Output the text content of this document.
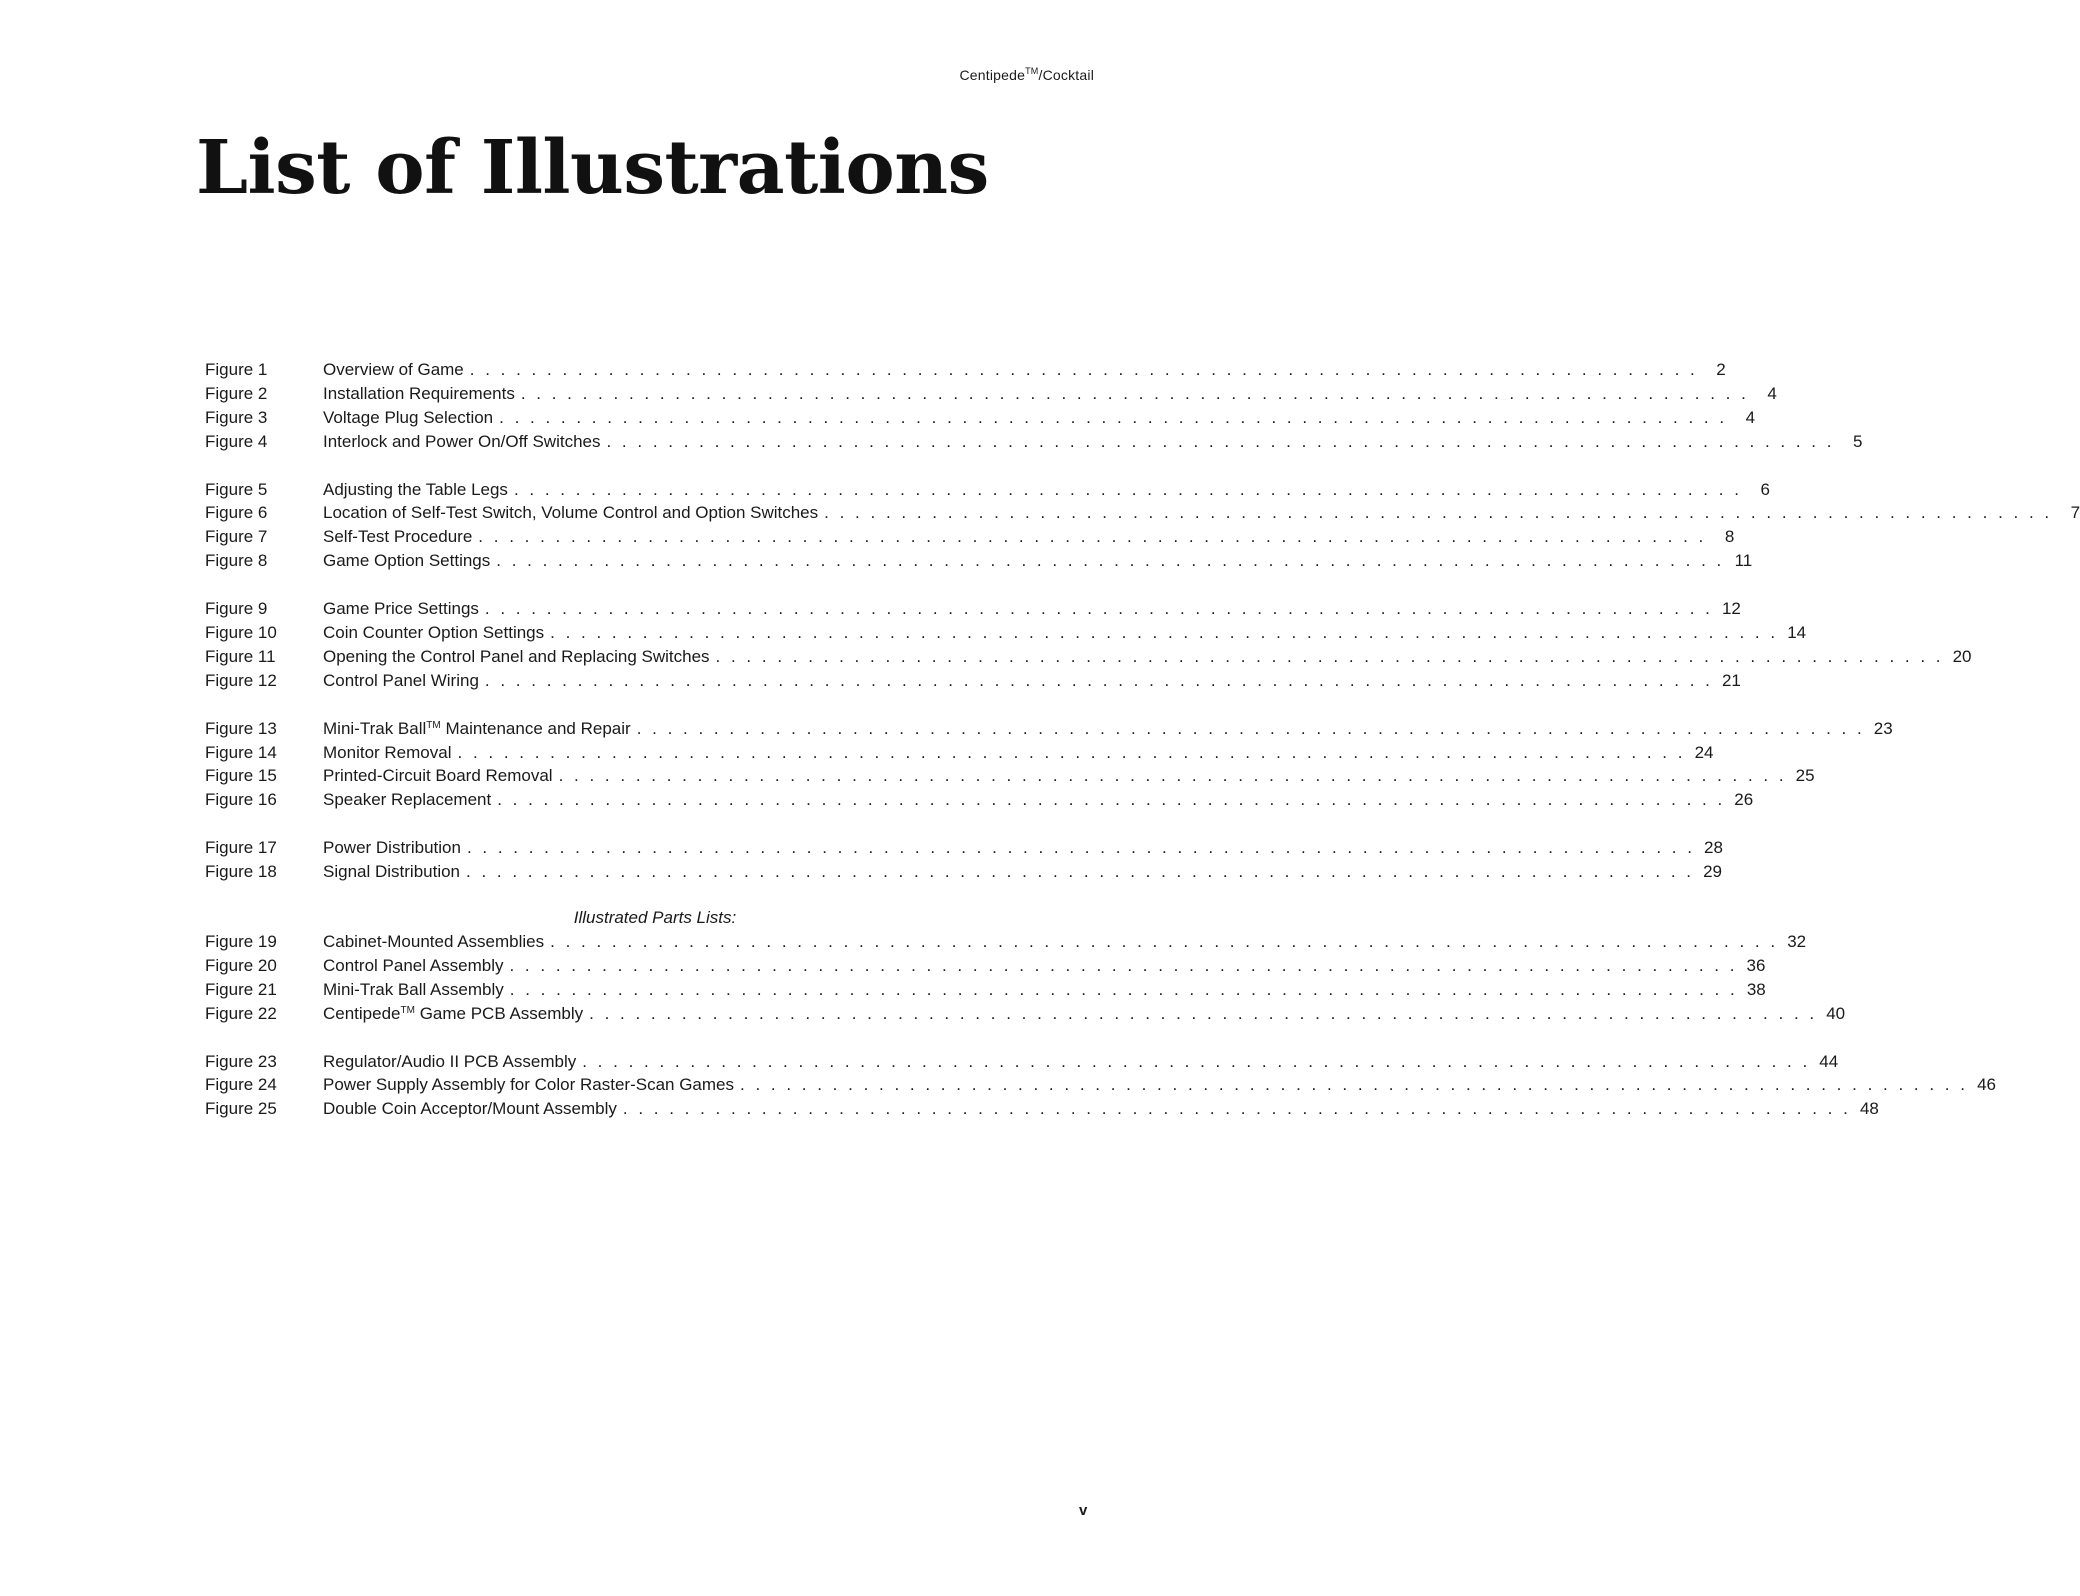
Centipede™/Cocktail
List of Illustrations
Figure 1	Overview of Game . . . . . . . . . . . . . . . . . . . . . . . . . . . . . . . . . . . . . . . . . . . . . . . . . . . . . . . . . . . . . . . . . . . . . . . . . . . . . . . .	2
Figure 2	Installation Requirements . . . . . . . . . . . . . . . . . . . . . . . . . . . . . . . . . . . . . . . . . . . . . . . . . . . . . . . . . . . . . . . . . . . . . . . . . . . . . . . .	4
Figure 3	Voltage Plug Selection . . . . . . . . . . . . . . . . . . . . . . . . . . . . . . . . . . . . . . . . . . . . . . . . . . . . . . . . . . . . . . . . . . . . . . . . . . . . . . . .	4
Figure 4	Interlock and Power On/Off Switches . . . . . . . . . . . . . . . . . . . . . . . . . . . . . . . . . . . . . . . . . . . . . . . . . . . . . . . . . . . . . . . . . . . . . . . . . . . . . . . .	5
Figure 5	Adjusting the Table Legs . . . . . . . . . . . . . . . . . . . . . . . . . . . . . . . . . . . . . . . . . . . . . . . . . . . . . . . . . . . . . . . . . . . . . . . . . . . . . . . .	6
Figure 6	Location of Self-Test Switch, Volume Control and Option Switches . . . . . . . . . . . . . . . . . . . . . . . . . . . . . . . . . . . . . . . . . . . . . . . . . . . . . . . . . . . . . . . . . . . . . . . . . . . . . . . .	7
Figure 7	Self-Test Procedure . . . . . . . . . . . . . . . . . . . . . . . . . . . . . . . . . . . . . . . . . . . . . . . . . . . . . . . . . . . . . . . . . . . . . . . . . . . . . . . .	8
Figure 8	Game Option Settings . . . . . . . . . . . . . . . . . . . . . . . . . . . . . . . . . . . . . . . . . . . . . . . . . . . . . . . . . . . . . . . . . . . . . . . . . . . . . . . . 11
Figure 9	Game Price Settings . . . . . . . . . . . . . . . . . . . . . . . . . . . . . . . . . . . . . . . . . . . . . . . . . . . . . . . . . . . . . . . . . . . . . . . . . . . . . . . . 12
Figure 10	Coin Counter Option Settings . . . . . . . . . . . . . . . . . . . . . . . . . . . . . . . . . . . . . . . . . . . . . . . . . . . . . . . . . . . . . . . . . . . . . . . . . . . . . . . . 14
Figure 11	Opening the Control Panel and Replacing Switches . . . . . . . . . . . . . . . . . . . . . . . . . . . . . . . . . . . . . . . . . . . . . . . . . . . . . . . . . . . . . . . . . . . . . . . . . . . . . . . . 20
Figure 12	Control Panel Wiring . . . . . . . . . . . . . . . . . . . . . . . . . . . . . . . . . . . . . . . . . . . . . . . . . . . . . . . . . . . . . . . . . . . . . . . . . . . . . . . . 21
Figure 13	Mini-Trak Ball™ Maintenance and Repair . . . . . . . . . . . . . . . . . . . . . . . . . . . . . . . . . . . . . . . . . . . . . . . . . . . . . . . . . . . . . . . . . . . . . . . . . . . . . . . . 23
Figure 14	Monitor Removal . . . . . . . . . . . . . . . . . . . . . . . . . . . . . . . . . . . . . . . . . . . . . . . . . . . . . . . . . . . . . . . . . . . . . . . . . . . . . . . . 24
Figure 15	Printed-Circuit Board Removal . . . . . . . . . . . . . . . . . . . . . . . . . . . . . . . . . . . . . . . . . . . . . . . . . . . . . . . . . . . . . . . . . . . . . . . . . . . . . . . . 25
Figure 16	Speaker Replacement . . . . . . . . . . . . . . . . . . . . . . . . . . . . . . . . . . . . . . . . . . . . . . . . . . . . . . . . . . . . . . . . . . . . . . . . . . . . . . . . 26
Figure 17	Power Distribution . . . . . . . . . . . . . . . . . . . . . . . . . . . . . . . . . . . . . . . . . . . . . . . . . . . . . . . . . . . . . . . . . . . . . . . . . . . . . . . . 28
Figure 18	Signal Distribution . . . . . . . . . . . . . . . . . . . . . . . . . . . . . . . . . . . . . . . . . . . . . . . . . . . . . . . . . . . . . . . . . . . . . . . . . . . . . . . . 29
Illustrated Parts Lists:
Figure 19	Cabinet-Mounted Assemblies . . . . . . . . . . . . . . . . . . . . . . . . . . . . . . . . . . . . . . . . . . . . . . . . . . . . . . . . . . . . . . . . . . . . . . . . . . . . . . . . 32
Figure 20	Control Panel Assembly . . . . . . . . . . . . . . . . . . . . . . . . . . . . . . . . . . . . . . . . . . . . . . . . . . . . . . . . . . . . . . . . . . . . . . . . . . . . . . . . 36
Figure 21	Mini-Trak Ball Assembly . . . . . . . . . . . . . . . . . . . . . . . . . . . . . . . . . . . . . . . . . . . . . . . . . . . . . . . . . . . . . . . . . . . . . . . . . . . . . . . . 38
Figure 22	Centipede™ Game PCB Assembly . . . . . . . . . . . . . . . . . . . . . . . . . . . . . . . . . . . . . . . . . . . . . . . . . . . . . . . . . . . . . . . . . . . . . . . . . . . . . . . . 40
Figure 23	Regulator/Audio II PCB Assembly . . . . . . . . . . . . . . . . . . . . . . . . . . . . . . . . . . . . . . . . . . . . . . . . . . . . . . . . . . . . . . . . . . . . . . . . . . . . . . . . 44
Figure 24	Power Supply Assembly for Color Raster-Scan Games . . . . . . . . . . . . . . . . . . . . . . . . . . . . . . . . . . . . . . . . . . . . . . . . . . . . . . . . . . . . . . . . . . . . . . . . . . . . . . . . 46
Figure 25	Double Coin Acceptor/Mount Assembly . . . . . . . . . . . . . . . . . . . . . . . . . . . . . . . . . . . . . . . . . . . . . . . . . . . . . . . . . . . . . . . . . . . . . . . . . . . . . . . . 48
v
